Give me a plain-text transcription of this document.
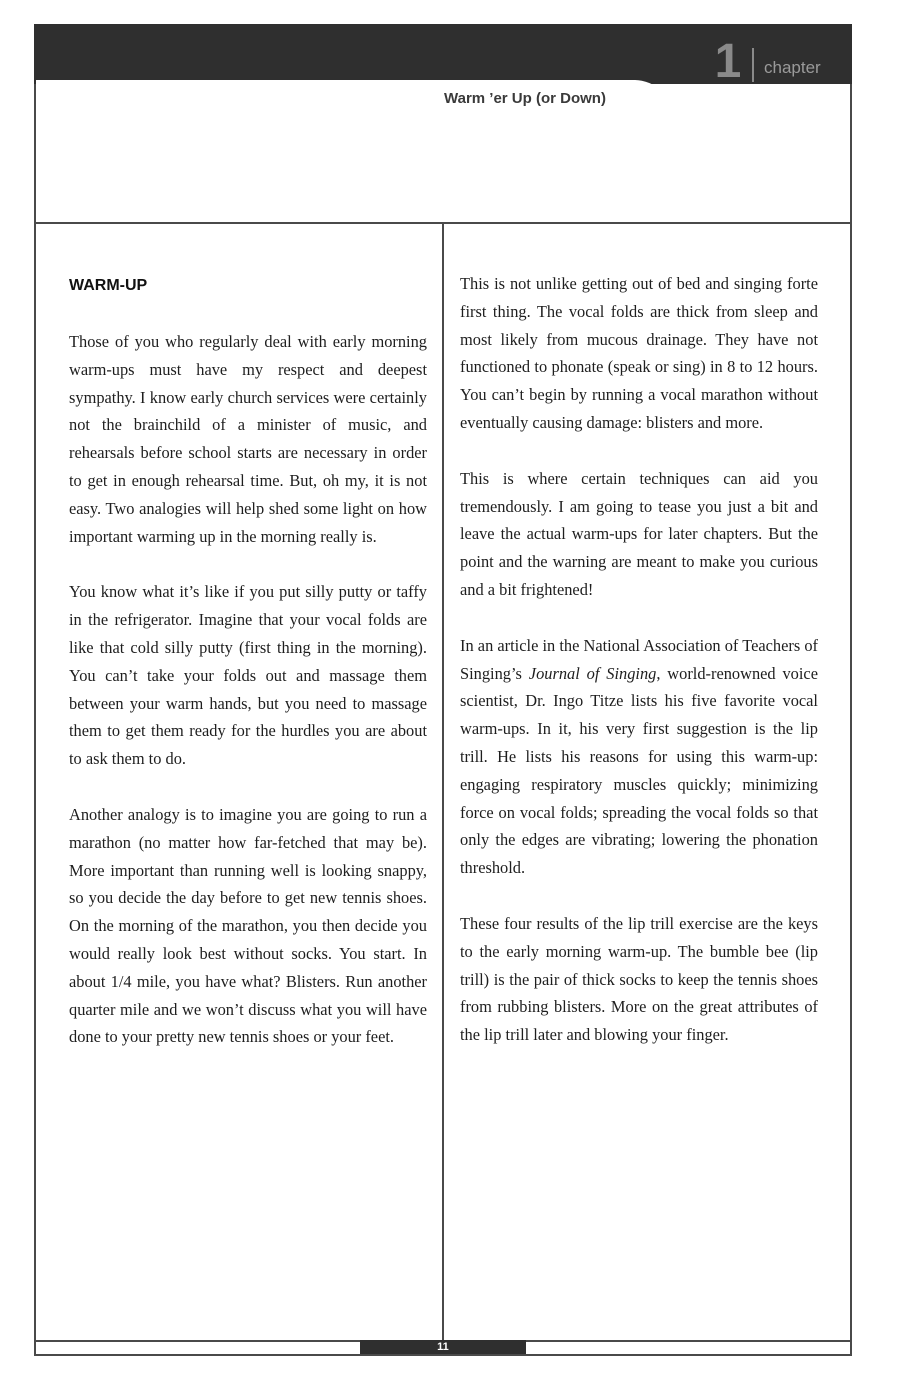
1	chapter
Warm ’er Up (or Down)
11
WARM-UP

Those of you who regularly deal with early morning warm-ups must have my respect and deepest sympathy. I know early church services were certainly not the brainchild of a minister of music, and rehearsals before school starts are necessary in order to get in enough rehearsal time. But, oh my, it is not easy. Two analogies will help shed some light on how important warming up in the morning really is.

You know what it’s like if you put silly putty or taffy in the refrigerator. Imagine that your vocal folds are like that cold silly putty (first thing in the morning). You can’t take your folds out and massage them between your warm hands, but you need to massage them to get them ready for the hurdles you are about to ask them to do.

Another analogy is to imagine you are going to run a marathon (no matter how far-fetched that may be). More important than running well is looking snappy, so you decide the day before to get new tennis shoes. On the morning of the marathon, you then decide you would really look best without socks. You start. In about 1/4 mile, you have what? Blisters. Run another quarter mile and we won’t discuss what you will have done to your pretty new tennis shoes or your feet.

This is not unlike getting out of bed and singing forte first thing. The vocal folds are thick from sleep and most likely from mucous drainage. They have not functioned to phonate (speak or sing) in 8 to 12 hours. You can’t begin by running a vocal marathon without eventually causing damage: blisters and more.

This is where certain techniques can aid you tremendously. I am going to tease you just a bit and leave the actual warm-ups for later chapters. But the point and the warning are meant to make you curious and a bit frightened!

In an article in the National Association of Teachers of Singing’s Journal of Singing, world-renowned voice scientist, Dr. Ingo Titze lists his five favorite vocal warm-ups. In it, his very first suggestion is the lip trill. He lists his reasons for using this warm-up: engaging respiratory muscles quickly; minimizing force on vocal folds; spreading the vocal folds so that only the edges are vibrating; lowering the phonation threshold.

These four results of the lip trill exercise are the keys to the early morning warm-up. The bumble bee (lip trill) is the pair of thick socks to keep the tennis shoes from rubbing blisters. More on the great attributes of the lip trill later and blowing your finger.
